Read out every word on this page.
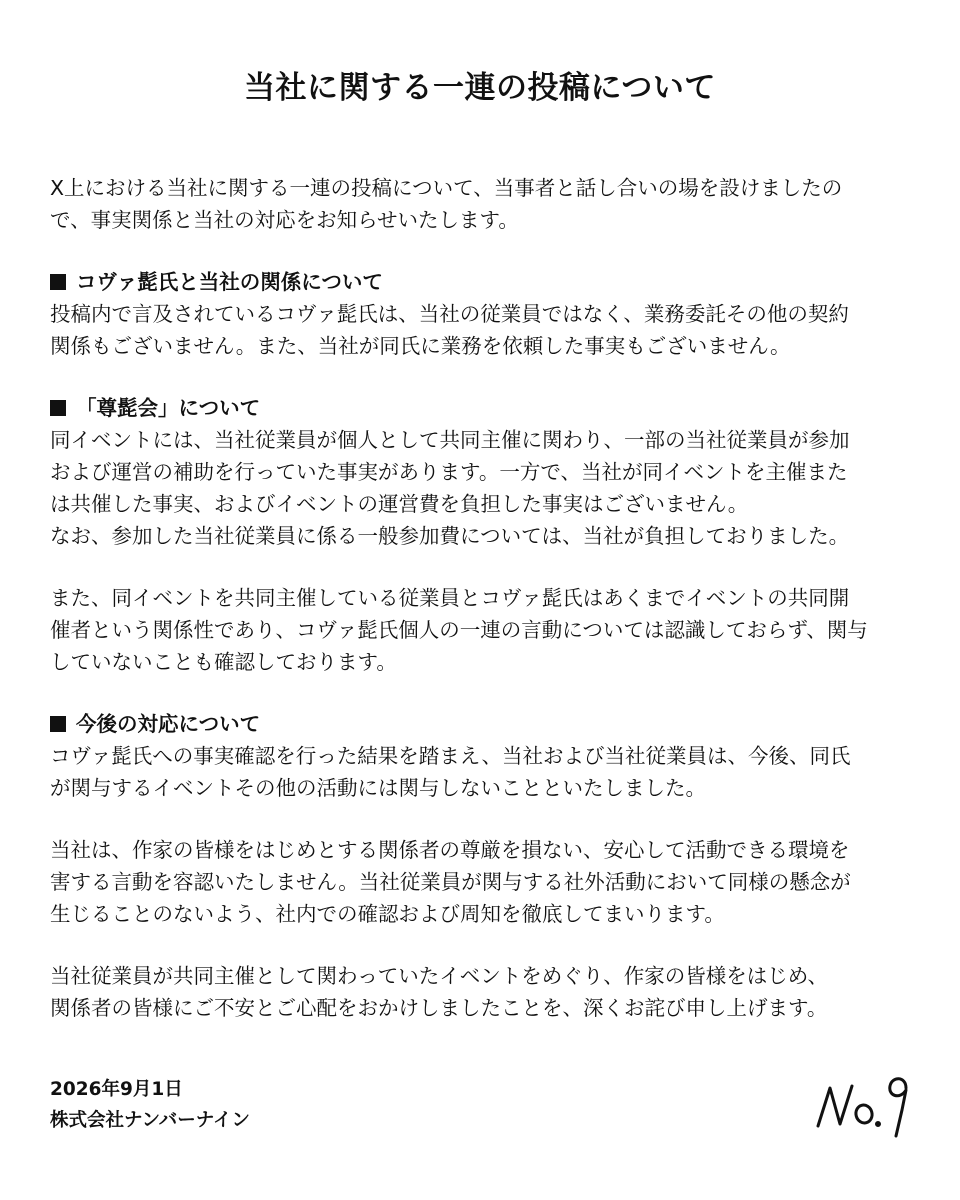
当社に関する一連の投稿について
X上における当社に関する一連の投稿について、当事者と話し合いの場を設けましたの
で、事実関係と当社の対応をお知らせいたします。
コヴァ髭氏と当社の関係について
投稿内で言及されているコヴァ髭氏は、当社の従業員ではなく、業務委託その他の契約
関係もございません。また、当社が同氏に業務を依頼した事実もございません。
「尊髭会」について
同イベントには、当社従業員が個人として共同主催に関わり、一部の当社従業員が参加
および運営の補助を行っていた事実があります。一方で、当社が同イベントを主催また
は共催した事実、およびイベントの運営費を負担した事実はございません。
なお、参加した当社従業員に係る一般参加費については、当社が負担しておりました。
また、同イベントを共同主催している従業員とコヴァ髭氏はあくまでイベントの共同開
催者という関係性であり、コヴァ髭氏個人の一連の言動については認識しておらず、関与
していないことも確認しております。
今後の対応について
コヴァ髭氏への事実確認を行った結果を踏まえ、当社および当社従業員は、今後、同氏
が関与するイベントその他の活動には関与しないことといたしました。
当社は、作家の皆様をはじめとする関係者の尊厳を損ない、安心して活動できる環境を
害する言動を容認いたしません。当社従業員が関与する社外活動において同様の懸念が
生じることのないよう、社内での確認および周知を徹底してまいります。
当社従業員が共同主催として関わっていたイベントをめぐり、作家の皆様をはじめ、
関係者の皆様にご不安とご心配をおかけしましたことを、深くお詫び申し上げます。
2026年9月1日
株式会社ナンバーナイン
